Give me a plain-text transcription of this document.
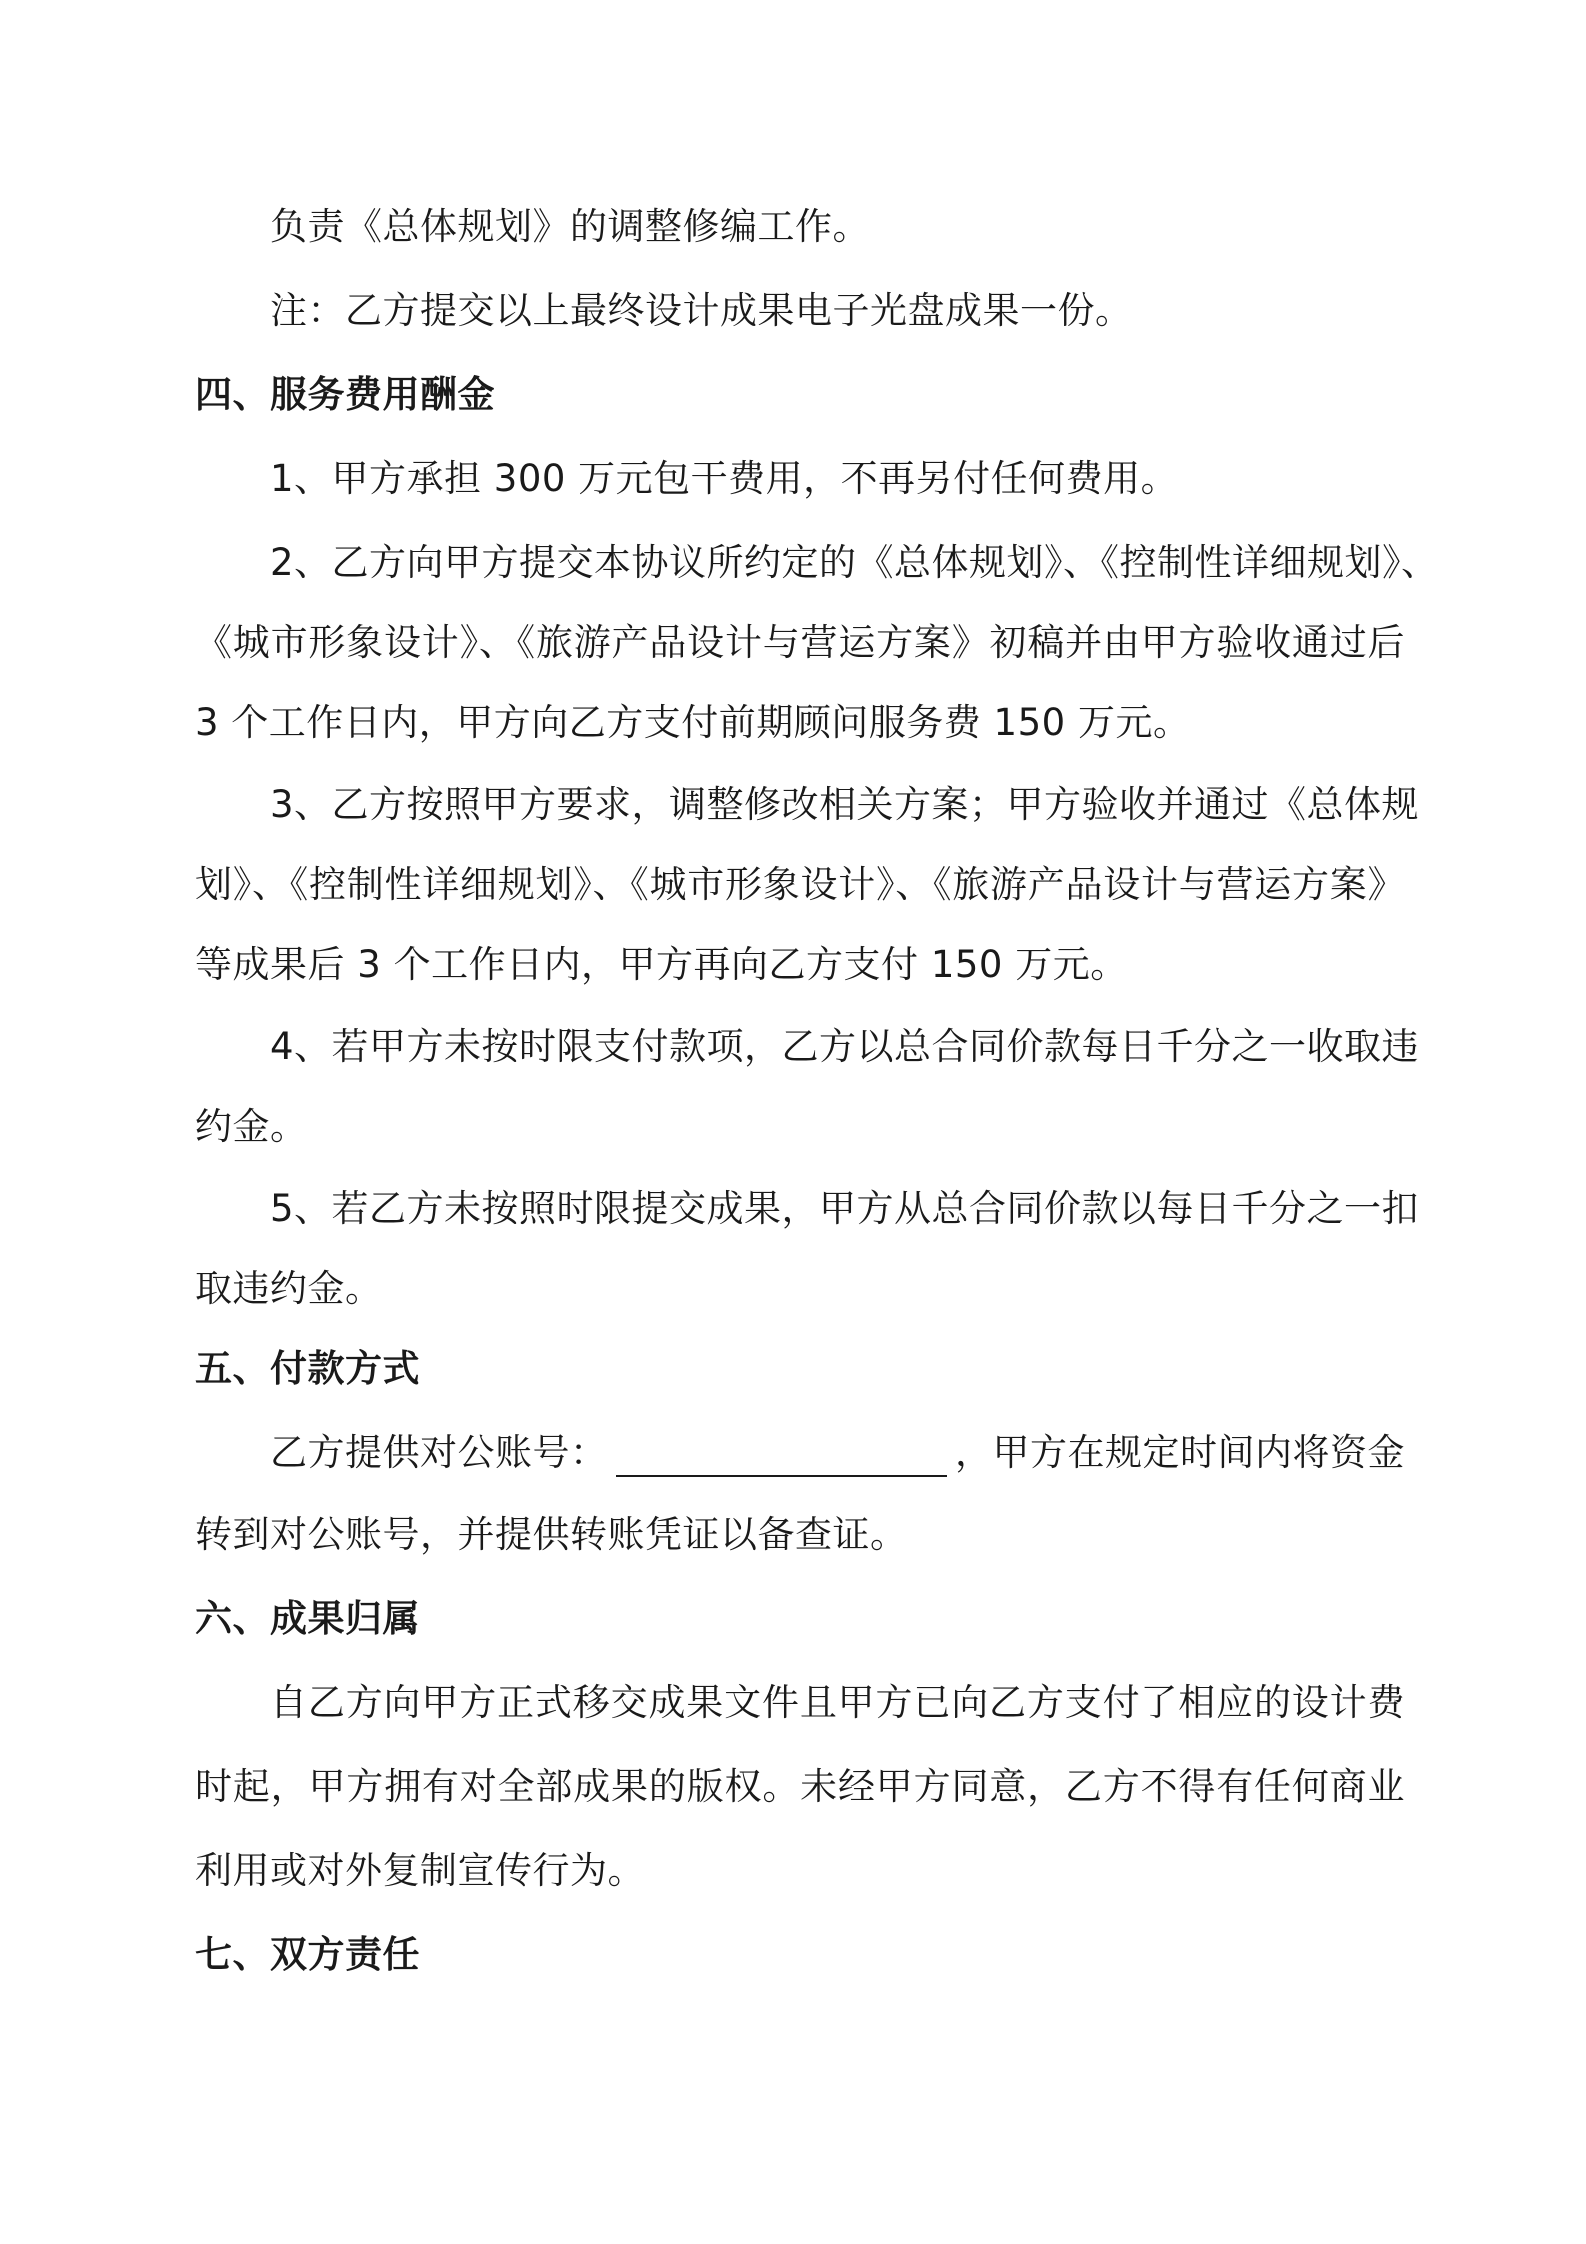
负责《总体规划》的调整修编工作。
注：乙方提交以上最终设计成果电子光盘成果一份。
四、服务费用酬金
1、甲方承担 300 万元包干费用，不再另付任何费用。
2、乙方向甲方提交本协议所约定的《总体规划》、《控制性详细规划》、
《城市形象设计》、《旅游产品设计与营运方案》初稿并由甲方验收通过后
3 个工作日内，甲方向乙方支付前期顾问服务费 150 万元。
3、乙方按照甲方要求，调整修改相关方案；甲方验收并通过《总体规
划》、《控制性详细规划》、《城市形象设计》、《旅游产品设计与营运方案》
等成果后 3 个工作日内，甲方再向乙方支付 150 万元。
4、若甲方未按时限支付款项，乙方以总合同价款每日千分之一收取违
约金。
5、若乙方未按照时限提交成果，甲方从总合同价款以每日千分之一扣
取违约金。
五、付款方式
乙方提供对公账号：	，甲方在规定时间内将资金
转到对公账号，并提供转账凭证以备查证。
六、成果归属
自乙方向甲方正式移交成果文件且甲方已向乙方支付了相应的设计费
时起，甲方拥有对全部成果的版权。未经甲方同意，乙方不得有任何商业
利用或对外复制宣传行为。
七、双方责任
